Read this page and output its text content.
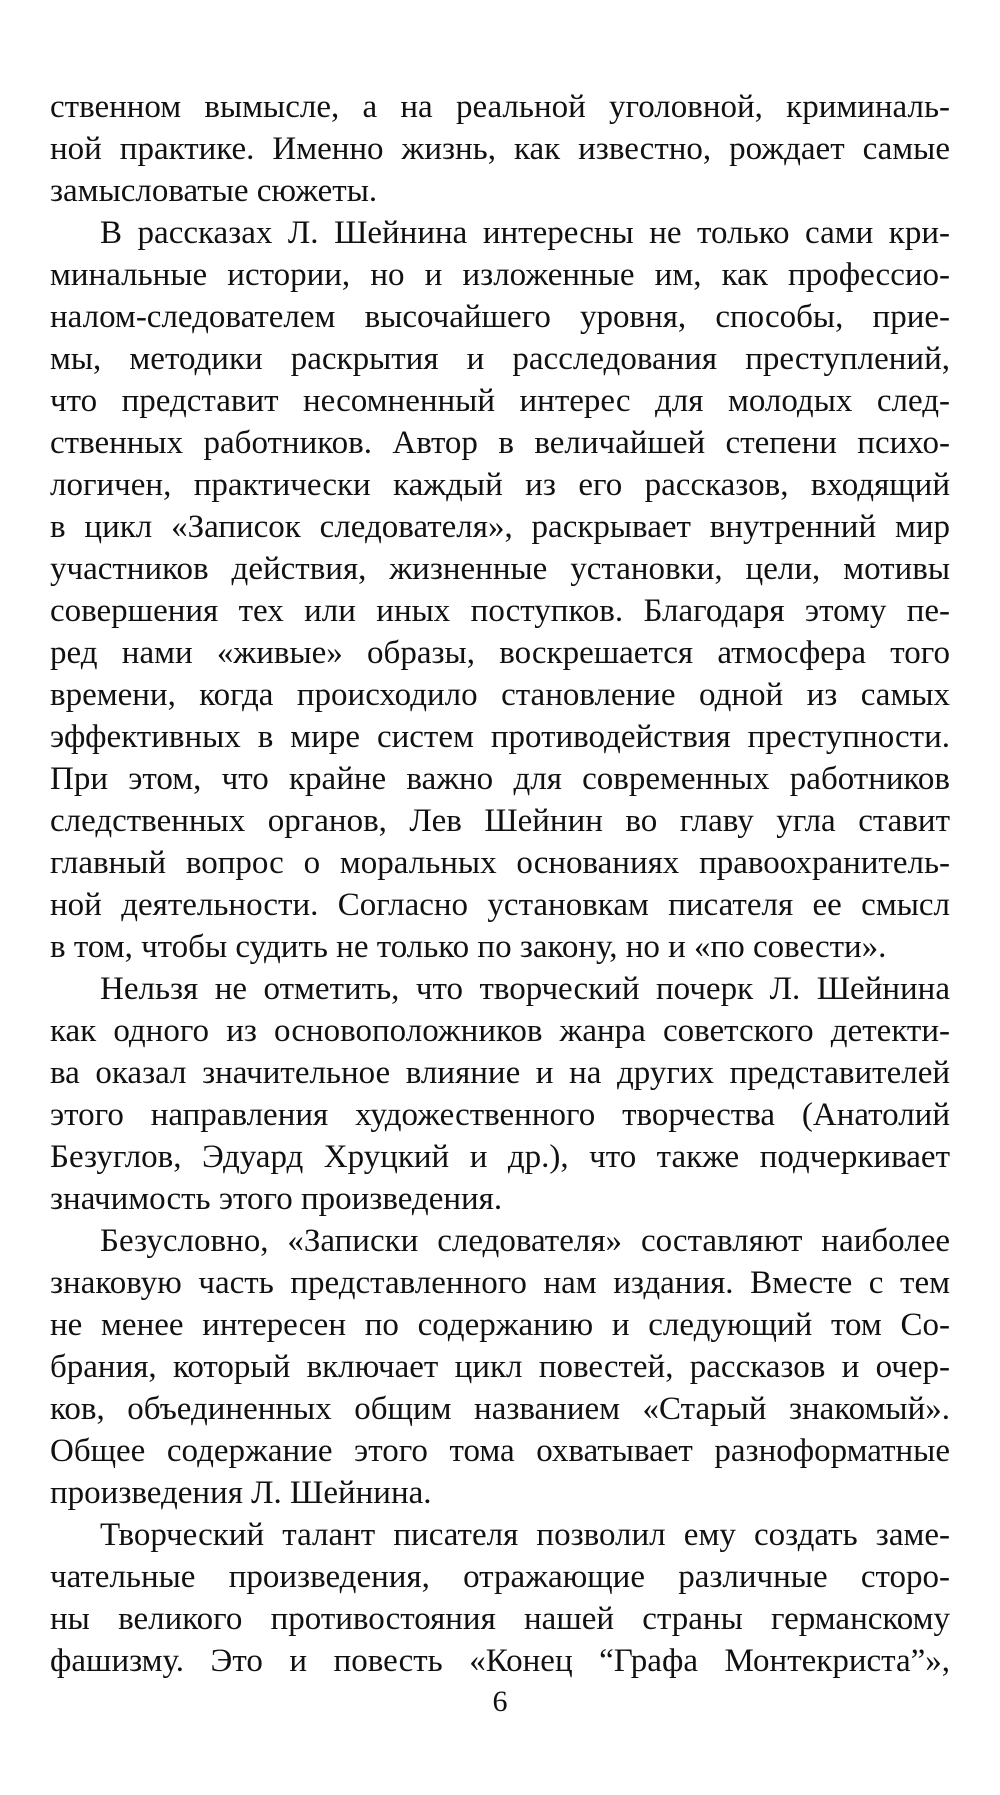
ственном вымысле, а на реальной уголовной, криминаль-
ной практике. Именно жизнь, как известно, рождает самые
замысловатые сюжеты.
В рассказах Л. Шейнина интересны не только сами кри-
минальные истории, но и изложенные им, как профессио-
налом-следователем высочайшего уровня, способы, прие-
мы, методики раскрытия и расследования преступлений,
что представит несомненный интерес для молодых след-
ственных работников. Автор в величайшей степени психо-
логичен, практически каждый из его рассказов, входящий
в цикл «Записок следователя», раскрывает внутренний мир
участников действия, жизненные установки, цели, мотивы
совершения тех или иных поступков. Благодаря этому пе-
ред нами «живые» образы, воскрешается атмосфера того
времени, когда происходило становление одной из самых
эффективных в мире систем противодействия преступности.
При этом, что крайне важно для современных работников
следственных органов, Лев Шейнин во главу угла ставит
главный вопрос о моральных основаниях правоохранитель-
ной деятельности. Согласно установкам писателя ее смысл
в том, чтобы судить не только по закону, но и «по совести».
Нельзя не отметить, что творческий почерк Л. Шейнина
как одного из основоположников жанра советского детекти-
ва оказал значительное влияние и на других представителей
этого направления художественного творчества (Анатолий
Безуглов, Эдуард Хруцкий и др.), что также подчеркивает
значимость этого произведения.
Безусловно, «Записки следователя» составляют наиболее
знаковую часть представленного нам издания. Вместе с тем
не менее интересен по содержанию и следующий том Со-
брания, который включает цикл повестей, рассказов и очер-
ков, объединенных общим названием «Старый знакомый».
Общее содержание этого тома охватывает разноформатные
произведения Л. Шейнина.
Творческий талант писателя позволил ему создать заме-
чательные произведения, отражающие различные сторо-
ны великого противостояния нашей страны германскому
фашизму. Это и повесть «Конец “Графа Монтекриста”»,
6
